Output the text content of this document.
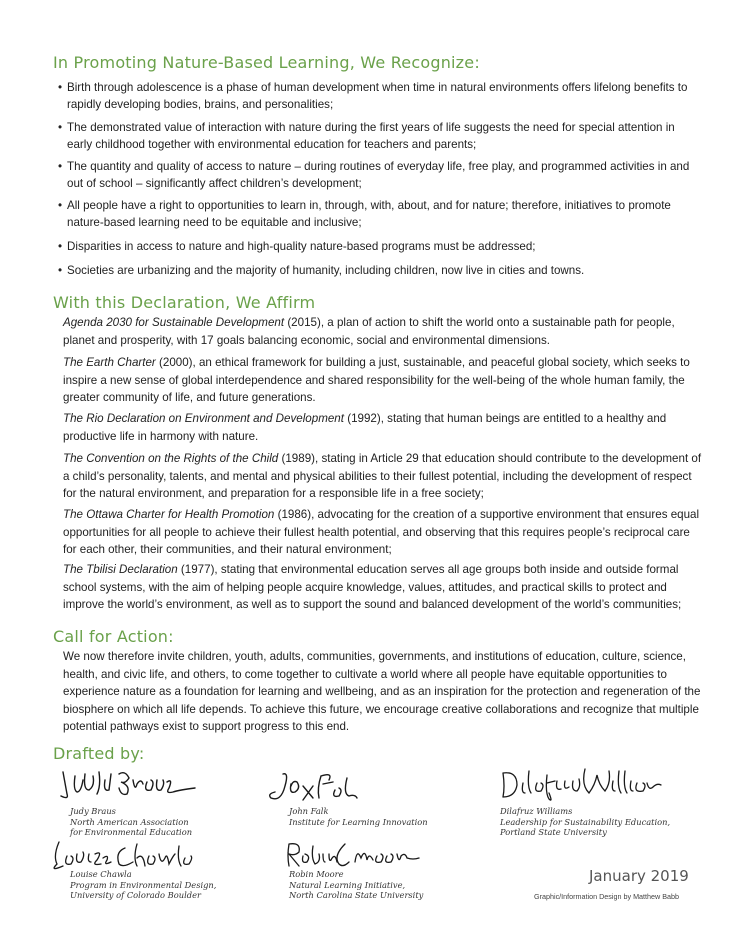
In Promoting Nature-Based Learning, We Recognize:
• Birth through adolescence is a phase of human development when time in natural environments offers lifelong benefits to rapidly developing bodies, brains, and personalities;
• The demonstrated value of interaction with nature during the first years of life suggests the need for special attention in early childhood together with environmental education for teachers and parents;
• The quantity and quality of access to nature – during routines of everyday life, free play, and programmed activities in and out of school – significantly affect children’s development;
• All people have a right to opportunities to learn in, through, with, about, and for nature; therefore, initiatives to promote nature-based learning need to be equitable and inclusive;
• Disparities in access to nature and high-quality nature-based programs must be addressed;
• Societies are urbanizing and the majority of humanity, including children, now live in cities and towns.
With this Declaration, We Affirm

Agenda 2030 for Sustainable Development (2015), a plan of action to shift the world onto a sustainable path for people, planet and prosperity, with 17 goals balancing economic, social and environmental dimensions.

The Earth Charter (2000), an ethical framework for building a just, sustainable, and peaceful global society, which seeks to inspire a new sense of global interdependence and shared responsibility for the well-being of the whole human family, the greater community of life, and future generations.

The Rio Declaration on Environment and Development (1992), stating that human beings are entitled to a healthy and productive life in harmony with nature.

The Convention on the Rights of the Child (1989), stating in Article 29 that education should contribute to the development of a child’s personality, talents, and mental and physical abilities to their fullest potential, including the development of respect for the natural environment, and preparation for a responsible life in a free society;

The Ottawa Charter for Health Promotion (1986), advocating for the creation of a supportive environment that ensures equal opportunities for all people to achieve their fullest health potential, and observing that this requires people’s reciprocal care for each other, their communities, and their natural environment;

The Tbilisi Declaration (1977), stating that environmental education serves all age groups both inside and outside formal school systems, with the aim of helping people acquire knowledge, values, attitudes, and practical skills to protect and improve the world’s environment, as well as to support the sound and balanced development of the world’s communities;

Call for Action:

We now therefore invite children, youth, adults, communities, governments, and institutions of education, culture, science, health, and civic life, and others, to come together to cultivate a world where all people have equitable opportunities to experience nature as a foundation for learning and wellbeing, and as an inspiration for the protection and regeneration of the biosphere on which all life depends. To achieve this future, we encourage creative collaborations and recognize that multiple potential pathways exist to support progress to this end.

Drafted by:
Judy Braus
North American Association
for Environmental Education
John Falk
Institute for Learning Innovation
Dilafruz Williams
Leadership for Sustainability Education,
Portland State University
Louise Chawla
Program in Environmental Design,
University of Colorado Boulder
Robin Moore
Natural Learning Initiative,
North Carolina State University
January 2019
Graphic/Information Design by Matthew Babb
